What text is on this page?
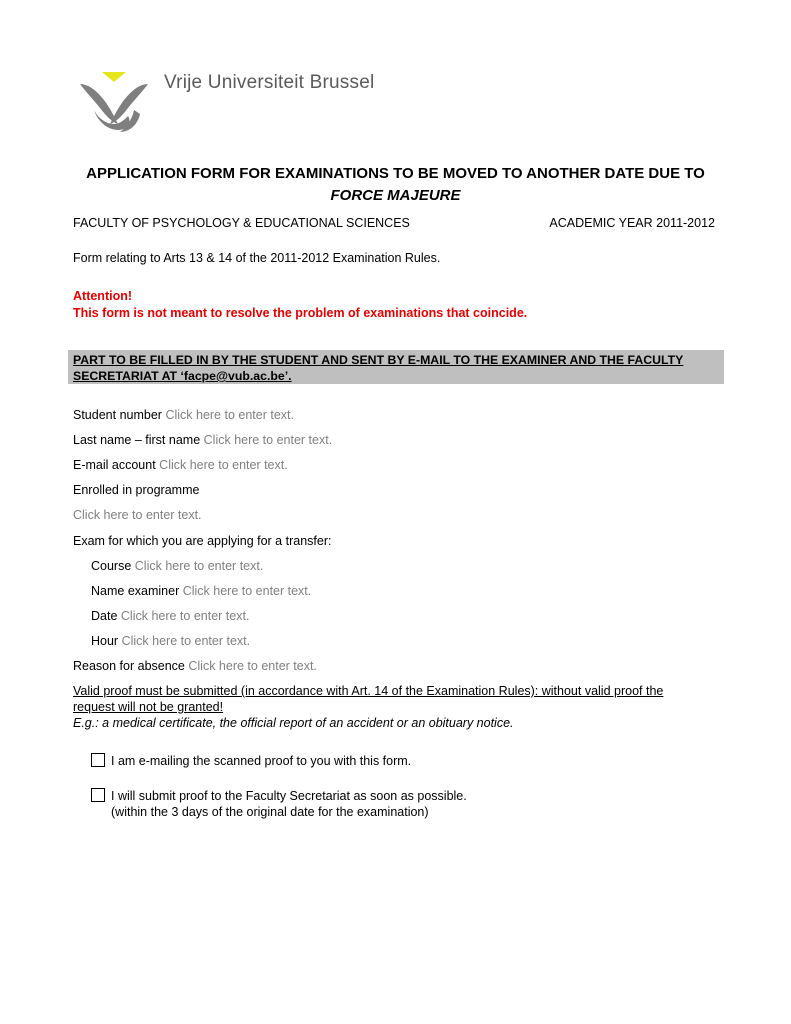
Vrije Universiteit Brussel
APPLICATION FORM FOR EXAMINATIONS TO BE MOVED TO ANOTHER DATE DUE TO
FORCE MAJEURE
FACULTY OF PSYCHOLOGY & EDUCATIONAL SCIENCES	ACADEMIC YEAR 2011-2012
Form relating to Arts 13 & 14 of the 2011-2012 Examination Rules.
Attention!
This form is not meant to resolve the problem of examinations that coincide.
PART TO BE FILLED IN BY THE STUDENT AND SENT BY E-MAIL TO THE EXAMINER AND THE FACULTY
SECRETARIAT AT ‘facpe@vub.ac.be’.
Student number Click here to enter text.
Last name – first name Click here to enter text.
E-mail account Click here to enter text.
Enrolled in programme
Click here to enter text.
Exam for which you are applying for a transfer:
Course Click here to enter text.
Name examiner Click here to enter text.
Date Click here to enter text.
Hour Click here to enter text.
Reason for absence Click here to enter text.
Valid proof must be submitted (in accordance with Art. 14 of the Examination Rules): without valid proof the
request will not be granted!
E.g.: a medical certificate, the official report of an accident or an obituary notice.
I am e-mailing the scanned proof to you with this form.
I will submit proof to the Faculty Secretariat as soon as possible.
(within the 3 days of the original date for the examination)
